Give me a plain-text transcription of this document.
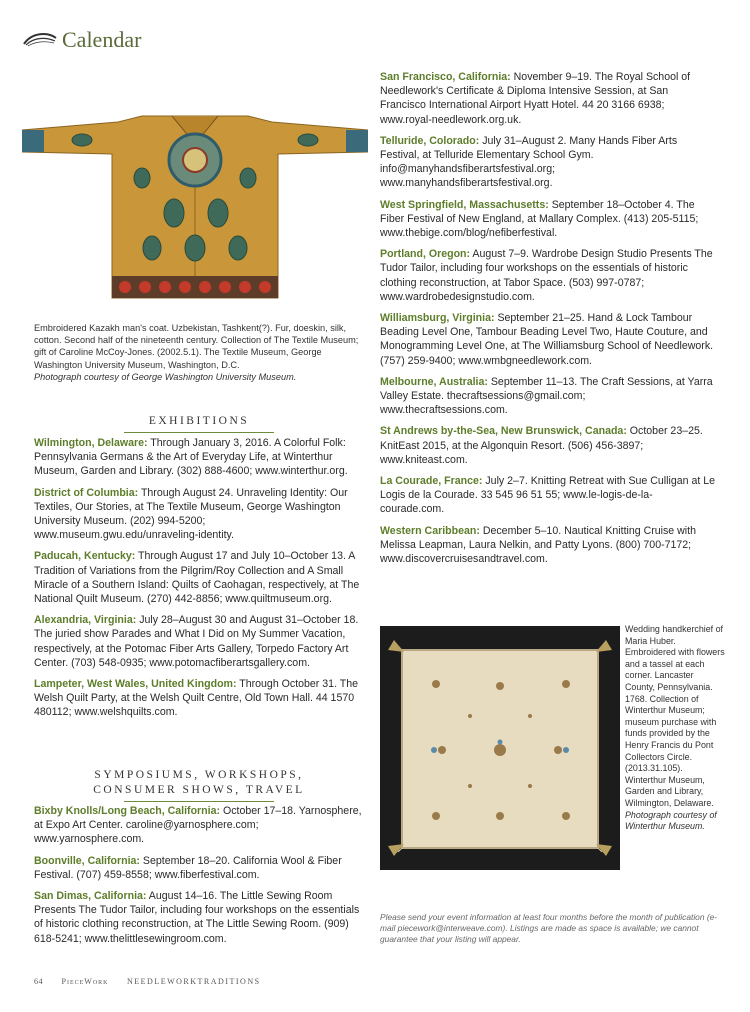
Calendar
Embroidered Kazakh man's coat. Uzbekistan, Tashkent(?). Fur, doeskin, silk, cotton. Second half of the nineteenth century. Collection of The Textile Museum; gift of Caroline McCoy-Jones. (2002.5.1). The Textile Museum, George Washington University Museum, Washington, D.C.
Photograph courtesy of George Washington University Museum.
EXHIBITIONS

Wilmington, Delaware: Through January 3, 2016. A Colorful Folk: Pennsylvania Germans & the Art of Everyday Life, at Winterthur Museum, Garden and Library. (302) 888-4600; www.winterthur.org.

District of Columbia: Through August 24. Unraveling Identity: Our Textiles, Our Stories, at The Textile Museum, George Washington University Museum. (202) 994-5200; www.museum.gwu.edu/unraveling-identity.

Paducah, Kentucky: Through August 17 and July 10–October 13. A Tradition of Variations from the Pilgrim/Roy Collection and A Small Miracle of a Southern Island: Quilts of Caohagan, respectively, at The National Quilt Museum. (270) 442-8856; www.quiltmuseum.org.

Alexandria, Virginia: July 28–August 30 and August 31–October 18. The juried show Parades and What I Did on My Summer Vacation, respectively, at the Potomac Fiber Arts Gallery, Torpedo Factory Art Center. (703) 548-0935; www.potomacfiberartsgallery.com.

Lampeter, West Wales, United Kingdom: Through October 31. The Welsh Quilt Party, at the Welsh Quilt Centre, Old Town Hall. 44 1570 480112; www.welshquilts.com.

SYMPOSIUMS, WORKSHOPS,
CONSUMER SHOWS, TRAVEL

Bixby Knolls/Long Beach, California: October 17–18. Yarnosphere, at Expo Art Center. caroline@yarnosphere.com; www.yarnosphere.com.

Boonville, California: September 18–20. California Wool & Fiber Festival. (707) 459-8558; www.fiberfestival.com.

San Dimas, California: August 14–16. The Little Sewing Room Presents The Tudor Tailor, including four workshops on the essentials of historic clothing reconstruction, at The Little Sewing Room. (909) 618-5241; www.thelittlesewingroom.com.

San Francisco, California: November 9–19. The Royal School of Needlework's Certificate & Diploma Intensive Session, at San Francisco International Airport Hyatt Hotel. 44 20 3166 6938; www.royal-needlework.org.uk.

Telluride, Colorado: July 31–August 2. Many Hands Fiber Arts Festival, at Telluride Elementary School Gym. info@manyhandsfiberartsfestival.org; www.manyhandsfiberartsfestival.org.

West Springfield, Massachusetts: September 18–October 4. The Fiber Festival of New England, at Mallary Complex. (413) 205-5115; www.thebige.com/blog/nefiberfestival.

Portland, Oregon: August 7–9. Wardrobe Design Studio Presents The Tudor Tailor, including four workshops on the essentials of historic clothing reconstruction, at Tabor Space. (503) 997-0787; www.wardrobedesignstudio.com.

Williamsburg, Virginia: September 21–25. Hand & Lock Tambour Beading Level One, Tambour Beading Level Two, Haute Couture, and Monogramming Level One, at The Williamsburg School of Needlework. (757) 259-9400; www.wmbgneedlework.com.

Melbourne, Australia: September 11–13. The Craft Sessions, at Yarra Valley Estate. thecraftsessions@gmail.com; www.thecraftsessions.com.

St Andrews by-the-Sea, New Brunswick, Canada: October 23–25. KnitEast 2015, at the Algonquin Resort. (506) 456-3897; www.kniteast.com.

La Courade, France: July 2–7. Knitting Retreat with Sue Culligan at Le Logis de la Courade. 33 545 96 51 55; www.le-logis-de-la-courade.com.

Western Caribbean: December 5–10. Nautical Knitting Cruise with Melissa Leapman, Laura Nelkin, and Patty Lyons. (800) 700-7172; www.discovercruisesandtravel.com.

Wedding handkerchief of Maria Huber. Embroidered with flowers and a tassel at each corner. Lancaster County, Pennsylvania. 1768. Collection of Winterthur Museum; museum purchase with funds provided by the Henry Francis du Pont Collectors Circle. (2013.31.105). Winterthur Museum, Garden and Library, Wilmington, Delaware.
Photograph courtesy of Winterthur Museum.
Please send your event information at least four months before the month of publication (e-mail piecework@interweave.com). Listings are made as space is available; we cannot guarantee that your listing will appear.
64 PieceWork NEEDLEWORKTRADITIONS
